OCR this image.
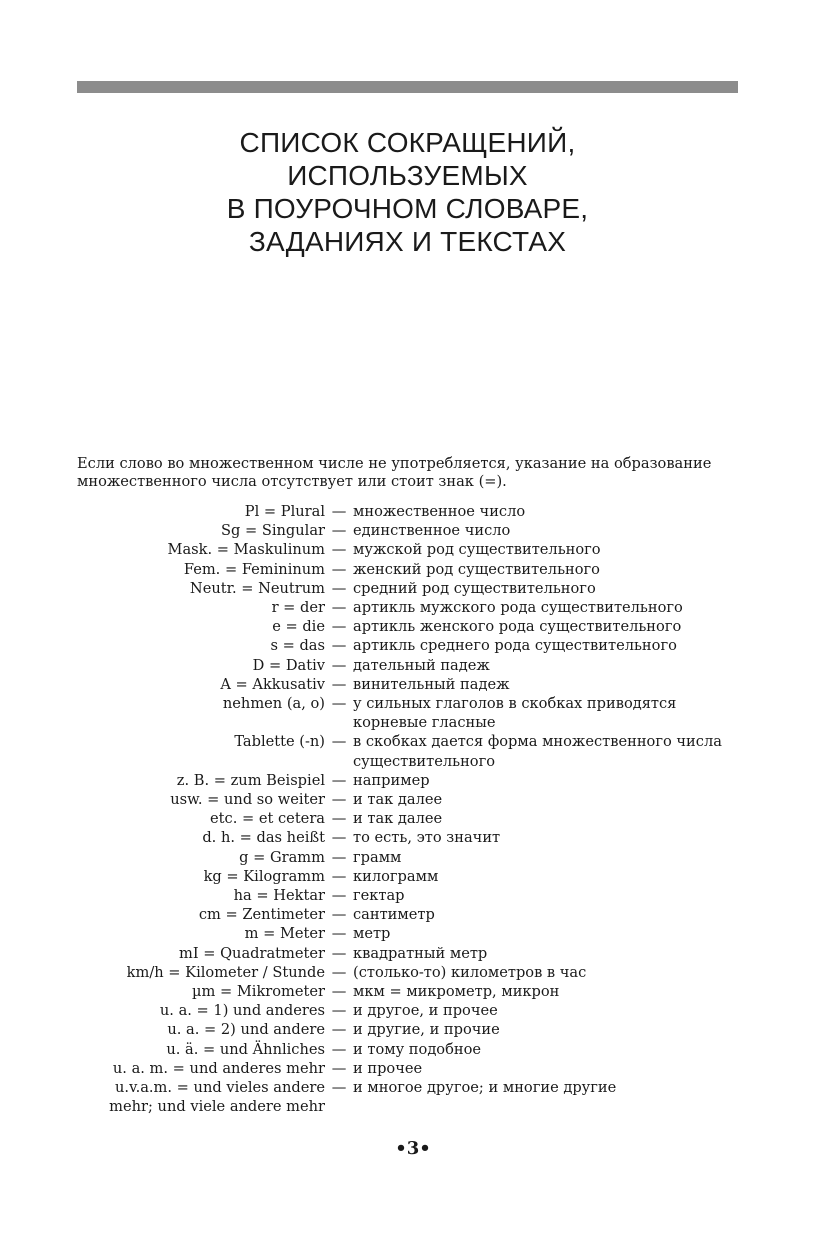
СПИСОК СОКРАЩЕНИЙ,
ИСПОЛЬЗУЕМЫХ
В ПОУРОЧНОМ СЛОВАРЕ,
ЗАДАНИЯХ И ТЕКСТАХ

Если слово во множественном числе не употребляется, указание на образование множественного числа отсутствует или стоит знак (=).

Pl = Plural — множественное число
Sg = Singular — единственное число
Mask. = Maskulinum — мужской род существительного
Fem. = Femininum — женский род существительного
Neutr. = Neutrum — средний род существительного
r = der — артикль мужского рода существительного
e = die — артикль женского рода существительного
s = das — артикль среднего рода существительного
D = Dativ — дательный падеж
A = Akkusativ — винительный падеж
nehmen (a, o) — у сильных глаголов в скобках приводятся корневые гласные
Tablette (-n) — в скобках дается форма множественного числа существительного
z. B. = zum Beispiel — например
usw. = und so weiter — и так далее
etc. = et cetera — и так далее
d. h. = das heißt — то есть, это значит
g = Gramm — грамм
kg = Kilogramm — килограмм
ha = Hektar — гектар
cm = Zentimeter — сантиметр
m = Meter — метр
mI = Quadratmeter — квадратный метр
km/h = Kilometer / Stunde — (столько-то) километров в час
µm = Mikrometer — мкм = микрометр, микрон
u. a. = 1) und anderes — и другое, и прочее
u. a. = 2) und andere — и другие, и прочие
u. ä. = und Ähnliches — и тому подобное
u. a. m. = und anderes mehr — и прочее
u.v.a.m. = und vieles andere
mehr; und viele andere mehr
— и многое другое; и многие другие
•3•
